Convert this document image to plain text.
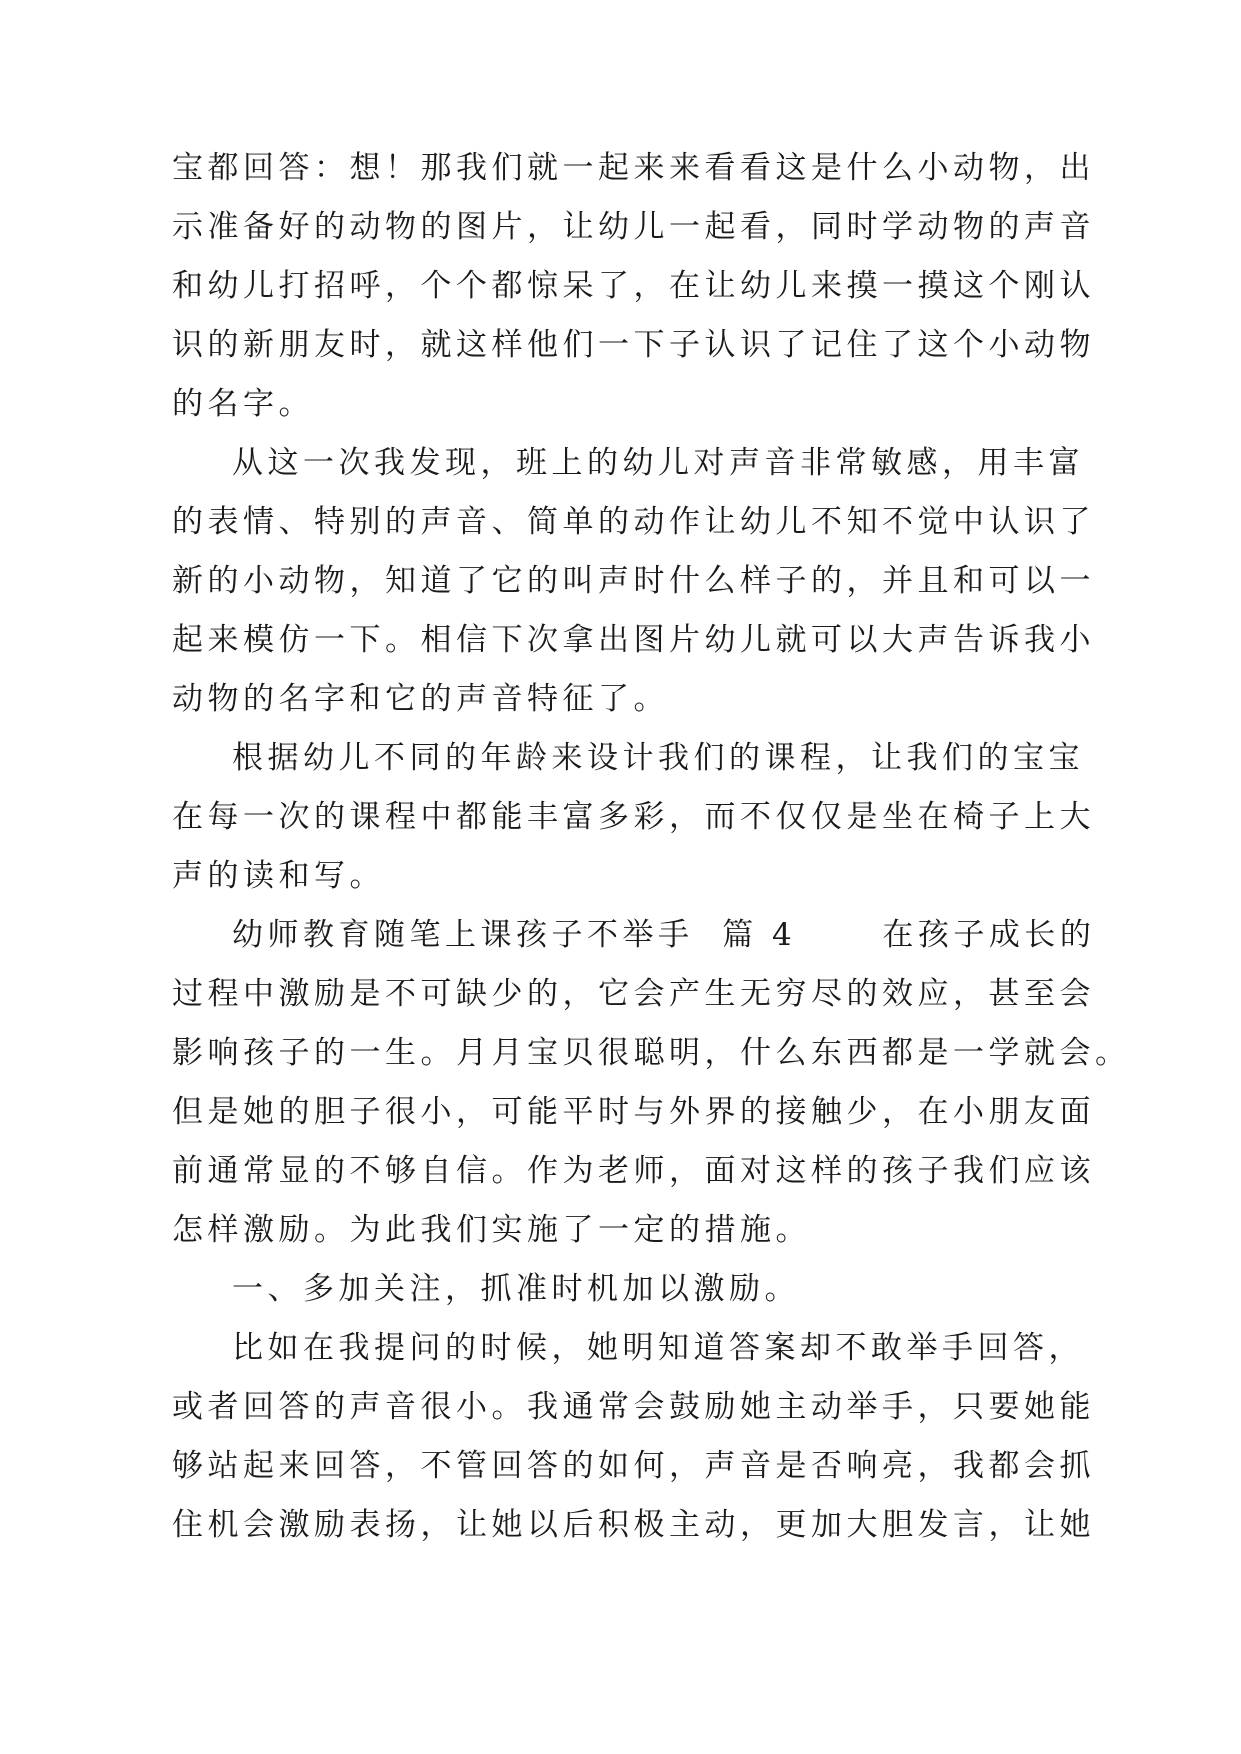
宝都回答：想！那我们就一起来来看看这是什么小动物，出

示准备好的动物的图片，让幼儿一起看，同时学动物的声音

和幼儿打招呼，个个都惊呆了，在让幼儿来摸一摸这个刚认

识的新朋友时，就这样他们一下子认识了记住了这个小动物

的名字。

从这一次我发现，班上的幼儿对声音非常敏感，用丰富

的表情、特别的声音、简单的动作让幼儿不知不觉中认识了

新的小动物，知道了它的叫声时什么样子的，并且和可以一

起来模仿一下。相信下次拿出图片幼儿就可以大声告诉我小

动物的名字和它的声音特征了。

根据幼儿不同的年龄来设计我们的课程，让我们的宝宝

在每一次的课程中都能丰富多彩，而不仅仅是坐在椅子上大

声的读和写。

幼师教育随笔上课孩子不举手  篇 4      在孩子成长的

过程中激励是不可缺少的，它会产生无穷尽的效应，甚至会

影响孩子的一生。月月宝贝很聪明，什么东西都是一学就会。

但是她的胆子很小，可能平时与外界的接触少，在小朋友面

前通常显的不够自信。作为老师，面对这样的孩子我们应该

怎样激励。为此我们实施了一定的措施。

一、多加关注，抓准时机加以激励。

比如在我提问的时候，她明知道答案却不敢举手回答，

或者回答的声音很小。我通常会鼓励她主动举手，只要她能

够站起来回答，不管回答的如何，声音是否响亮，我都会抓

住机会激励表扬，让她以后积极主动，更加大胆发言，让她
